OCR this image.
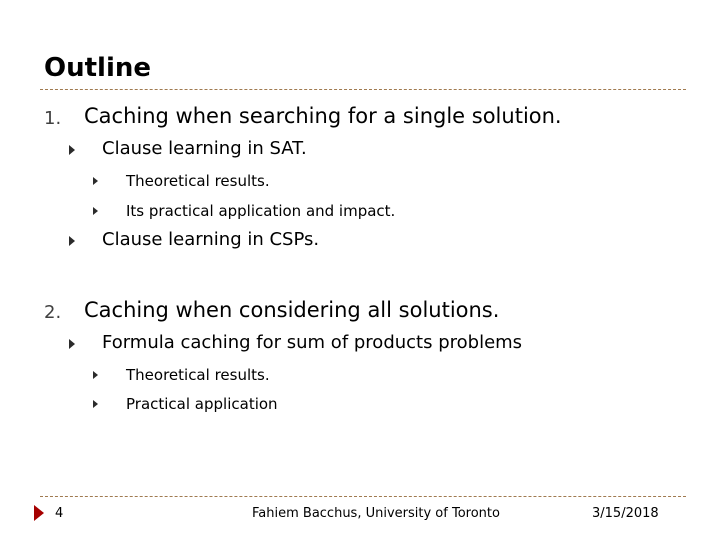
Outline
1. Caching when searching for a single solution.
Clause learning in SAT.
Theoretical results.
Its practical application and impact.
Clause learning in CSPs.
2. Caching when considering all solutions.
Formula caching for sum of products problems
Theoretical results.
Practical application
4	Fahiem Bacchus, University of Toronto	3/15/2018
